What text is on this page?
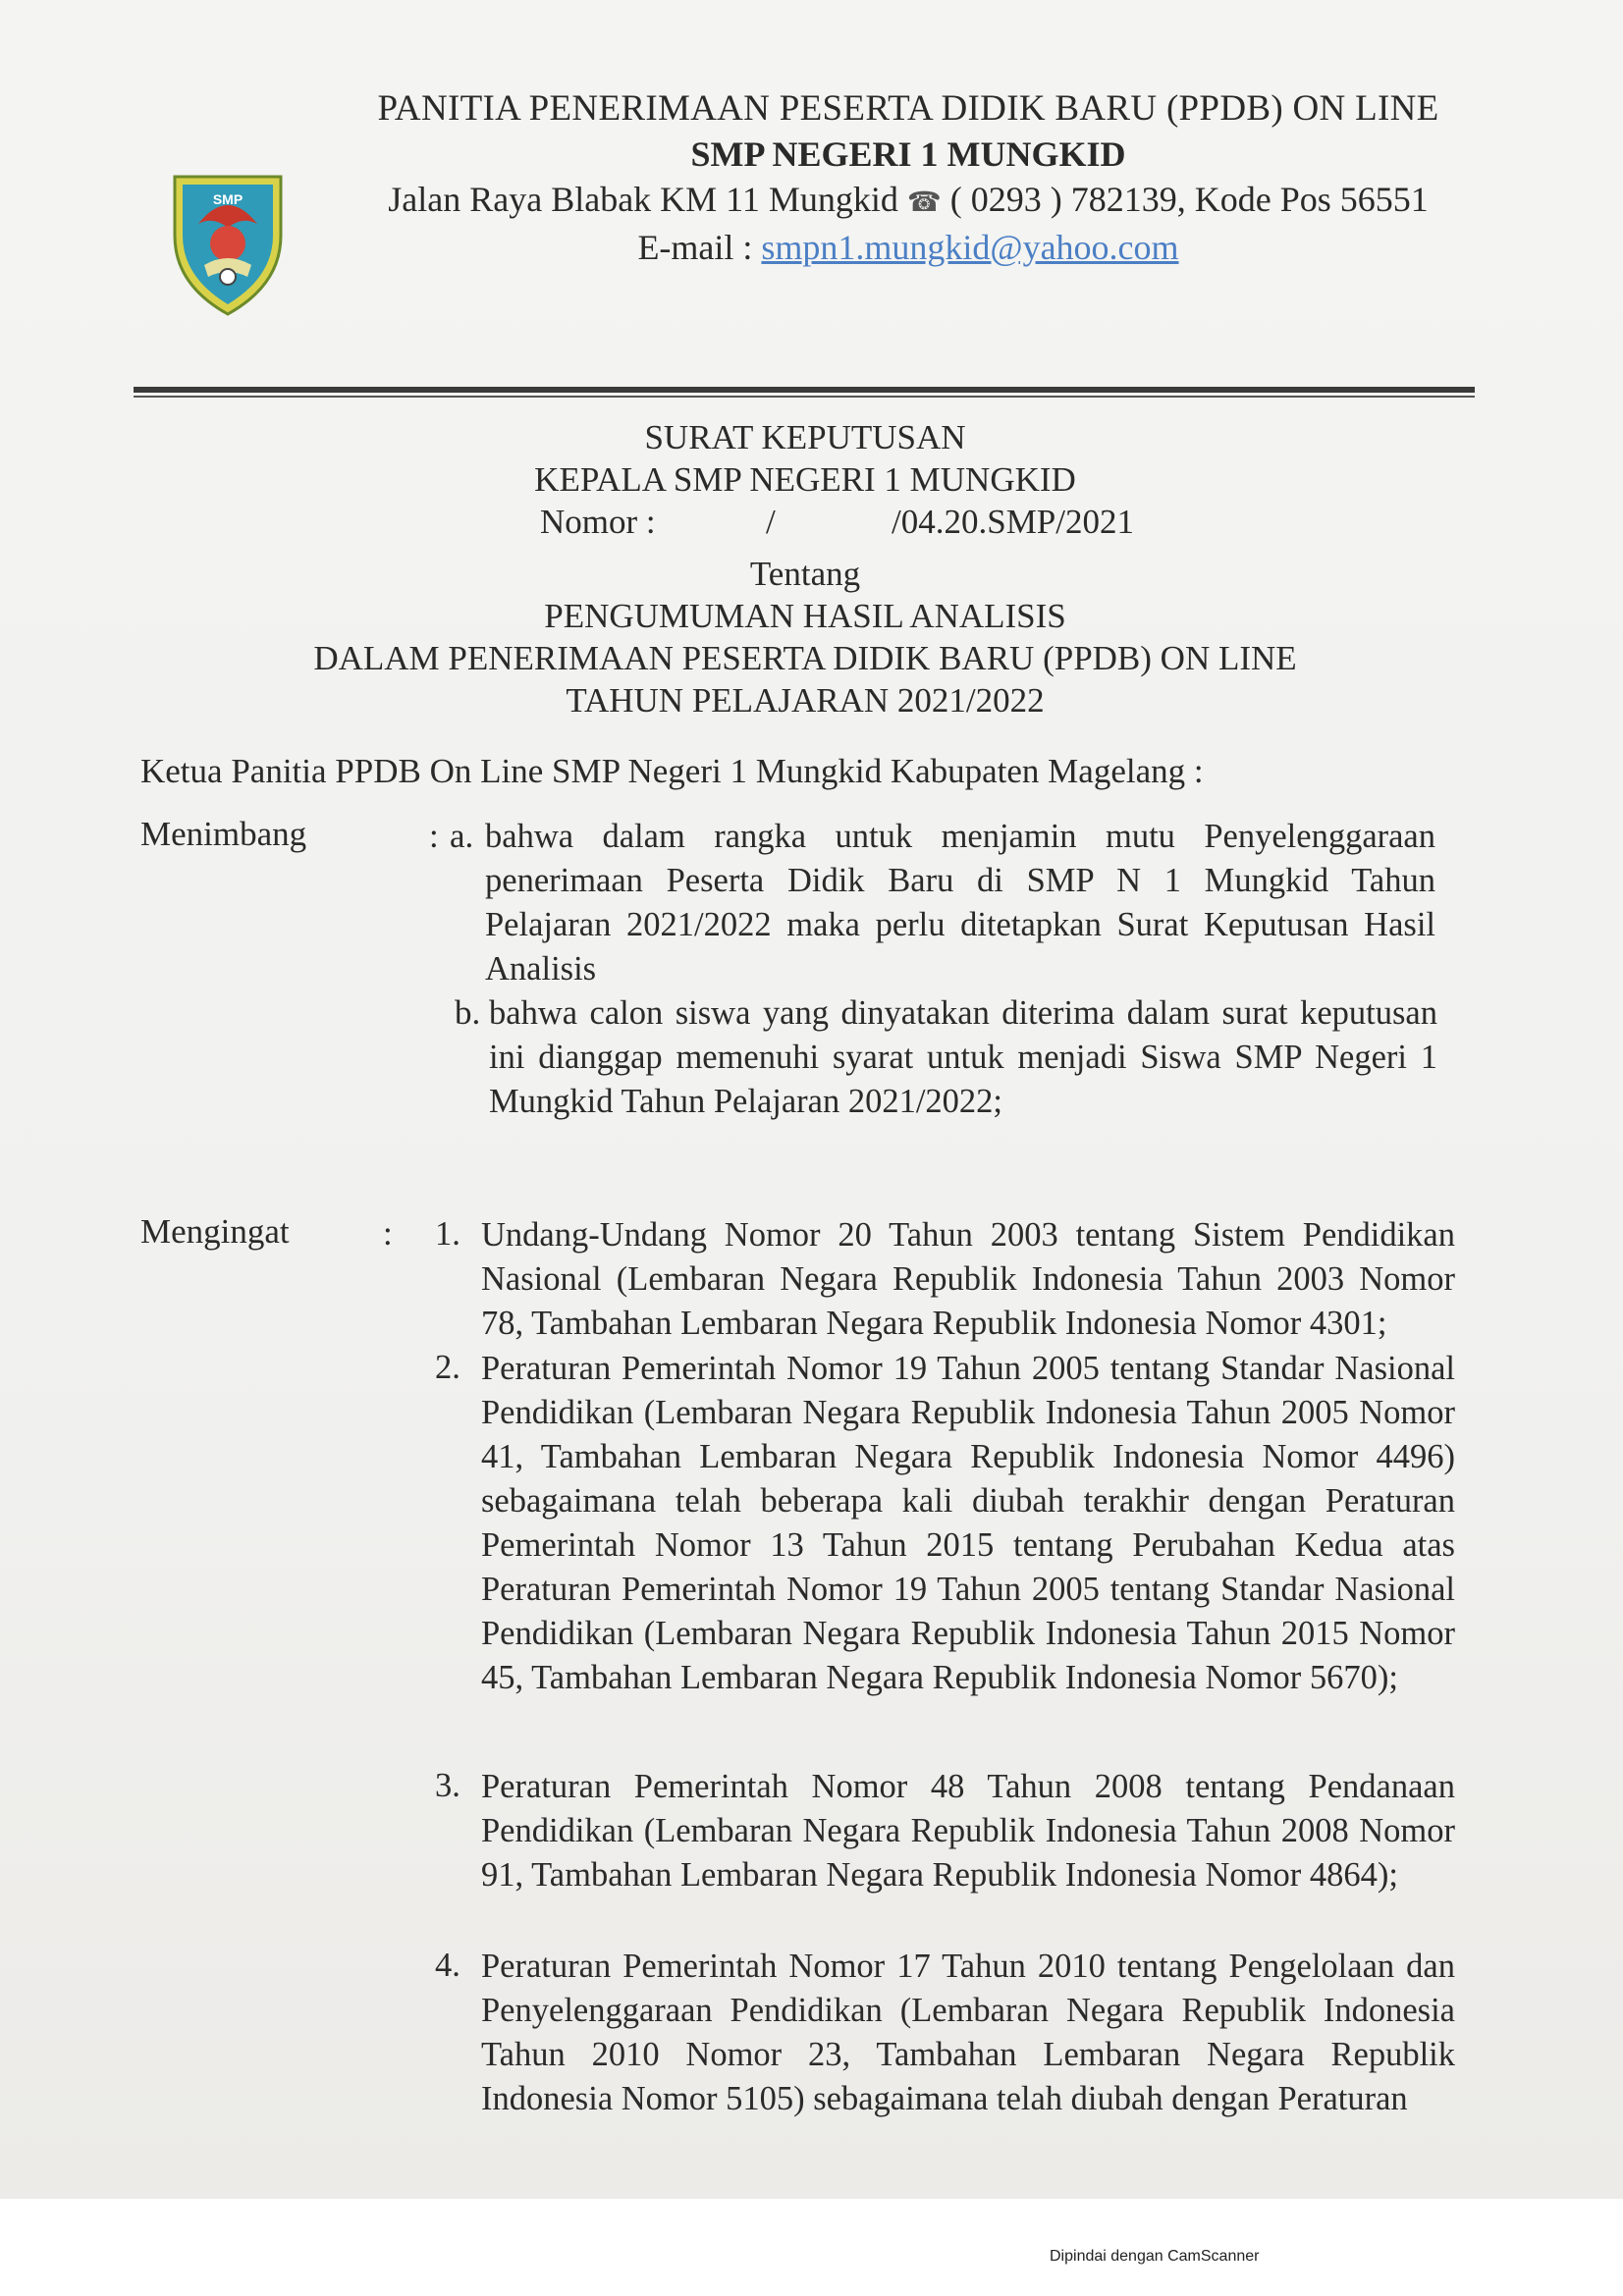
SMP
PANITIA PENERIMAAN PESERTA DIDIK BARU (PPDB) ON LINE
SMP NEGERI 1 MUNGKID
Jalan Raya Blabak KM 11 Mungkid ☎ ( 0293 ) 782139, Kode Pos 56551
E-mail : smpn1.mungkid@yahoo.com
SURAT KEPUTUSAN
KEPALA SMP NEGERI 1 MUNGKID
Nomor :	/	/04.20.SMP/2021
Tentang
PENGUMUMAN HASIL ANALISIS
DALAM PENERIMAAN PESERTA DIDIK BARU (PPDB) ON LINE
TAHUN PELAJARAN 2021/2022
Ketua Panitia PPDB On Line SMP Negeri 1 Mungkid Kabupaten Magelang :
Menimbang	: a. bahwa dalam rangka untuk menjamin mutu Penyelenggaraan penerimaan Peserta Didik Baru di SMP N 1 Mungkid Tahun Pelajaran 2021/2022 maka perlu ditetapkan Surat Keputusan Hasil Analisis

b. bahwa calon siswa yang dinyatakan diterima dalam surat keputusan ini dianggap memenuhi syarat untuk menjadi Siswa SMP Negeri 1 Mungkid Tahun Pelajaran 2021/2022;

Mengingat	: 1. Undang-Undang Nomor 20 Tahun 2003 tentang Sistem Pendidikan Nasional (Lembaran Negara Republik Indonesia Tahun 2003 Nomor 78, Tambahan Lembaran Negara Republik Indonesia Nomor 4301;

2. Peraturan Pemerintah Nomor 19 Tahun 2005 tentang Standar Nasional Pendidikan (Lembaran Negara Republik Indonesia Tahun 2005 Nomor 41, Tambahan Lembaran Negara Republik Indonesia Nomor 4496) sebagaimana telah beberapa kali diubah terakhir dengan Peraturan Pemerintah Nomor 13 Tahun 2015 tentang Perubahan Kedua atas Peraturan Pemerintah Nomor 19 Tahun 2005 tentang Standar Nasional Pendidikan (Lembaran Negara Republik Indonesia Tahun 2015 Nomor 45, Tambahan Lembaran Negara Republik Indonesia Nomor 5670);

3. Peraturan Pemerintah Nomor 48 Tahun 2008 tentang Pendanaan Pendidikan (Lembaran Negara Republik Indonesia Tahun 2008 Nomor 91, Tambahan Lembaran Negara Republik Indonesia Nomor 4864);

4. Peraturan Pemerintah Nomor 17 Tahun 2010 tentang Pengelolaan dan Penyelenggaraan Pendidikan (Lembaran Negara Republik Indonesia Tahun 2010 Nomor 23, Tambahan Lembaran Negara Republik Indonesia Nomor 5105) sebagaimana telah diubah dengan Peraturan

Dipindai dengan CamScanner
